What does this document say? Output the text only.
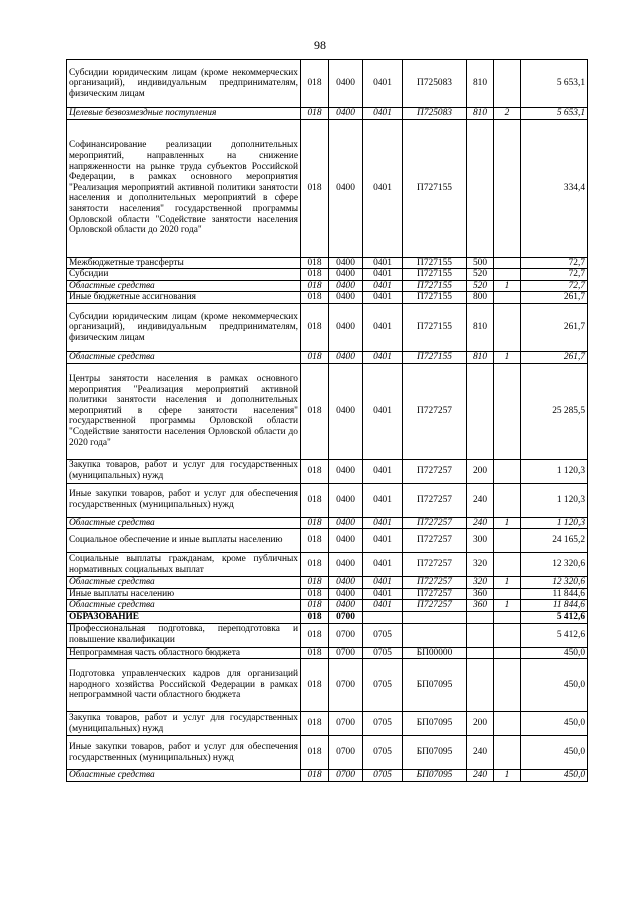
98
Субсидии юридическим лицам (кроме некоммерческих организаций), индивидуальным предпринимателям, физическим лицам	018	0400	0401	П725083	810		5 653,1
Целевые безвозмездные поступления	018	0400	0401	П725083	810	2	5 653,1
Софинансирование реализации дополнительных мероприятий, направленных на снижение напряженности на рынке труда субъектов Российской Федерации, в рамках основного мероприятия "Реализация мероприятий активной политики занятости населения и дополнительных мероприятий в сфере занятости населения" государственной программы Орловской области "Содействие занятости населения Орловской области до 2020 года"	018	0400	0401	П727155			334,4
Межбюджетные трансферты	018	0400	0401	П727155	500		72,7
Субсидии	018	0400	0401	П727155	520		72,7
Областные средства	018	0400	0401	П727155	520	1	72,7
Иные бюджетные ассигнования	018	0400	0401	П727155	800		261,7
Субсидии юридическим лицам (кроме некоммерческих организаций), индивидуальным предпринимателям, физическим лицам	018	0400	0401	П727155	810		261,7
Областные средства	018	0400	0401	П727155	810	1	261,7
Центры занятости населения в рамках основного мероприятия "Реализация мероприятий активной политики занятости населения и дополнительных мероприятий в сфере занятости населения" государственной программы Орловской области "Содействие занятости населения Орловской области до 2020 года"	018	0400	0401	П727257			25 285,5
Закупка товаров, работ и услуг для государственных (муниципальных) нужд	018	0400	0401	П727257	200		1 120,3
Иные закупки товаров, работ и услуг для обеспечения государственных (муниципальных) нужд	018	0400	0401	П727257	240		1 120,3
Областные средства	018	0400	0401	П727257	240	1	1 120,3
Социальное обеспечение и иные выплаты населению	018	0400	0401	П727257	300		24 165,2
Социальные выплаты гражданам, кроме публичных нормативных социальных выплат	018	0400	0401	П727257	320		12 320,6
Областные средства	018	0400	0401	П727257	320	1	12 320,6
Иные выплаты населению	018	0400	0401	П727257	360		11 844,6
Областные средства	018	0400	0401	П727257	360	1	11 844,6
ОБРАЗОВАНИЕ	018	0700					5 412,6
Профессиональная подготовка, переподготовка и повышение квалификации	018	0700	0705				5 412,6
Непрограммная часть областного бюджета	018	0700	0705	БП00000			450,0
Подготовка управленческих кадров для организаций народного хозяйства Российской Федерации в рамках непрограммной части областного бюджета	018	0700	0705	БП07095			450,0
Закупка товаров, работ и услуг для государственных (муниципальных) нужд	018	0700	0705	БП07095	200		450,0
Иные закупки товаров, работ и услуг для обеспечения государственных (муниципальных) нужд	018	0700	0705	БП07095	240		450,0
Областные средства	018	0700	0705	БП07095	240	1	450,0
